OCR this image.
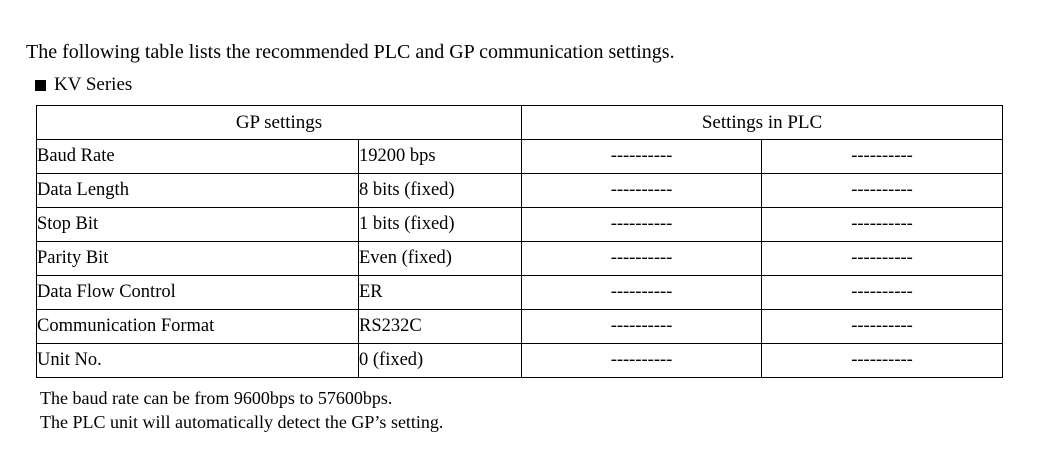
The following table lists the recommended PLC and GP communication settings.

KV Series
GP settings		Settings in PLC	
Baud Rate	19200 bps	----------	----------
Data Length	8 bits (fixed)	----------	----------
Stop Bit	1 bits (fixed)	----------	----------
Parity Bit	Even (fixed)	----------	----------
Data Flow Control	ER	----------	----------
Communication Format	RS232C	----------	----------
Unit No.	0 (fixed)	----------	----------
The baud rate can be from 9600bps to 57600bps.
The PLC unit will automatically detect the GP’s setting.
